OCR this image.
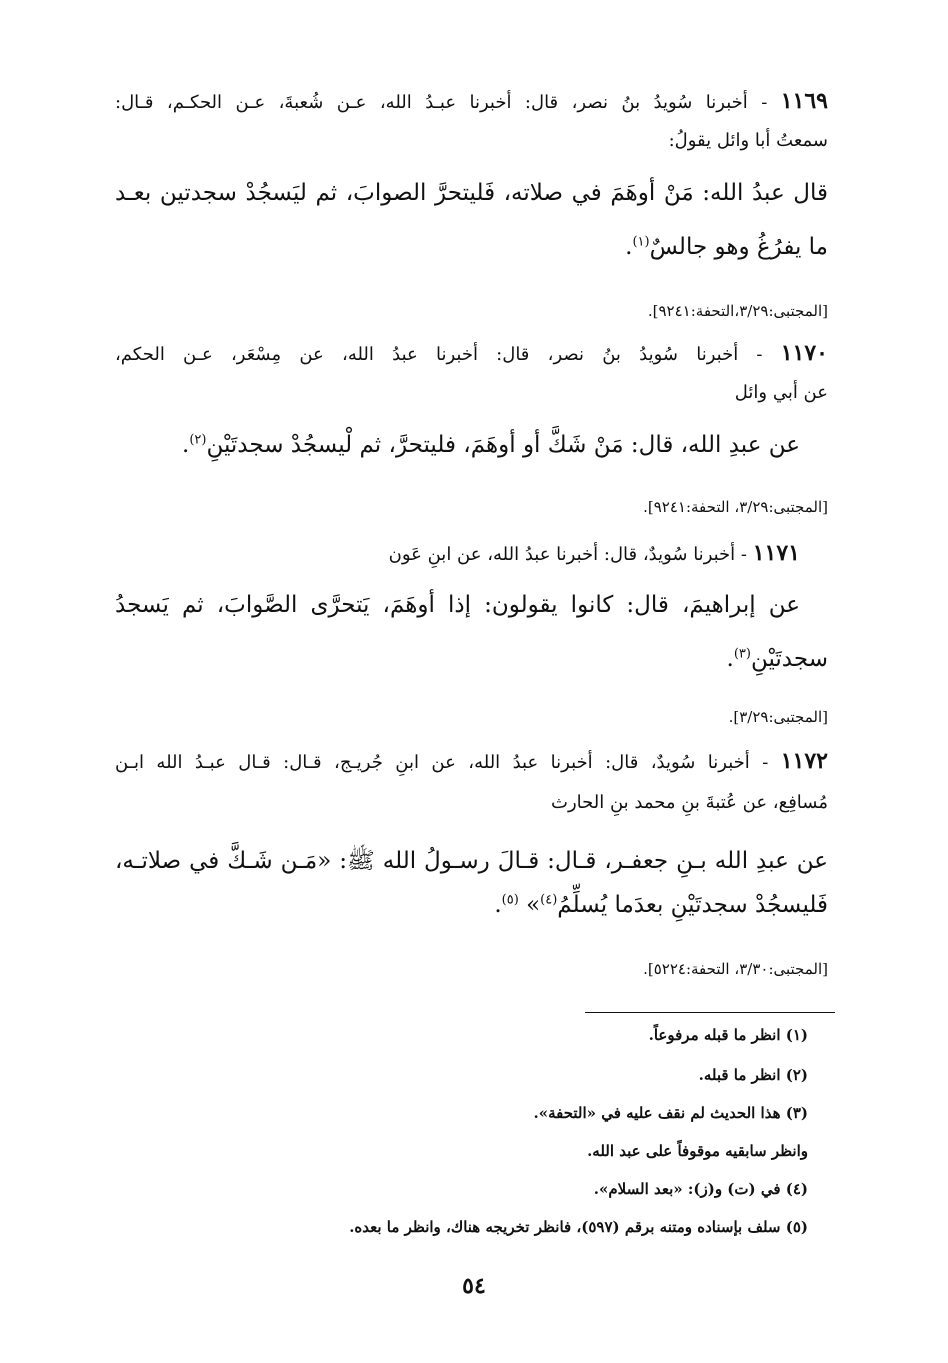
١١٦٩ - أخبرنا سُويدُ بنُ نصر، قال: أخبرنا عبـدُ الله، عـن شُعبةَ، عـن الحكـم، قـال:
سمعتُ أبا وائل يقولُ:
قال عبدُ الله: مَنْ أوهَمَ في صلاته، فَليتحرَّ الصوابَ، ثم ليَسجُدْ سجدتين بعـد
ما يفرُغُ وهو جالسٌ$^{(١)}$.
[المجتبى:٣/٢٩،التحفة:٩٢٤١].
١١٧٠ - أخبرنا سُويدُ بنُ نصر، قال: أخبرنا عبدُ الله، عن مِسْعَر، عـن الحكم،
عن أبي وائل
عن عبدِ الله، قال: مَنْ شَكَّ أو أوهَمَ، فليتحرَّ، ثم لْيسجُدْ سجدتَيْنِ$^{(٢)}$.
[المجتبى:٣/٢٩، التحفة:٩٢٤١].
١١٧١ - أخبرنا سُويدٌ، قال: أخبرنا عبدُ الله، عن ابنِ عَون
عن إبراهيمَ، قال: كانوا يقولون: إذا أوهَمَ، يَتحرَّى الصَّوابَ، ثم يَسجدُ
سجدتَيْنِ$^{(٣)}$.
[المجتبى:٣/٢٩].
١١٧٢ - أخبرنا سُويدٌ، قال: أخبرنا عبدُ الله، عن ابنِ جُريـج، قـال: قـال عبـدُ الله ابـن
مُسافِع، عن عُتبةَ بنِ محمد بنِ الحارث
عن عبدِ الله بـنِ جعفـر، قـال: قـالَ رسـولُ الله ﷺ: «مَـن شَـكَّ في صلاتـه،
فَليسجُدْ سجدتَيْنِ بعدَما يُسلِّمُ$^{(٤)}$» $^{(٥)}$.
[المجتبى:٣/٣٠، التحفة:٥٢٢٤].
(١) انظر ما قبله مرفوعاً.
(٢) انظر ما قبله.
(٣) هذا الحديث لم نقف عليه في «التحفة».
وانظر سابقيه موقوفاً على عبد الله.
(٤) في (ت) و(ز): «بعد السلام».
(٥) سلف بإسناده ومتنه برقم (٥٩٧)، فانظر تخريجه هناك، وانظر ما بعده.
٥٤
